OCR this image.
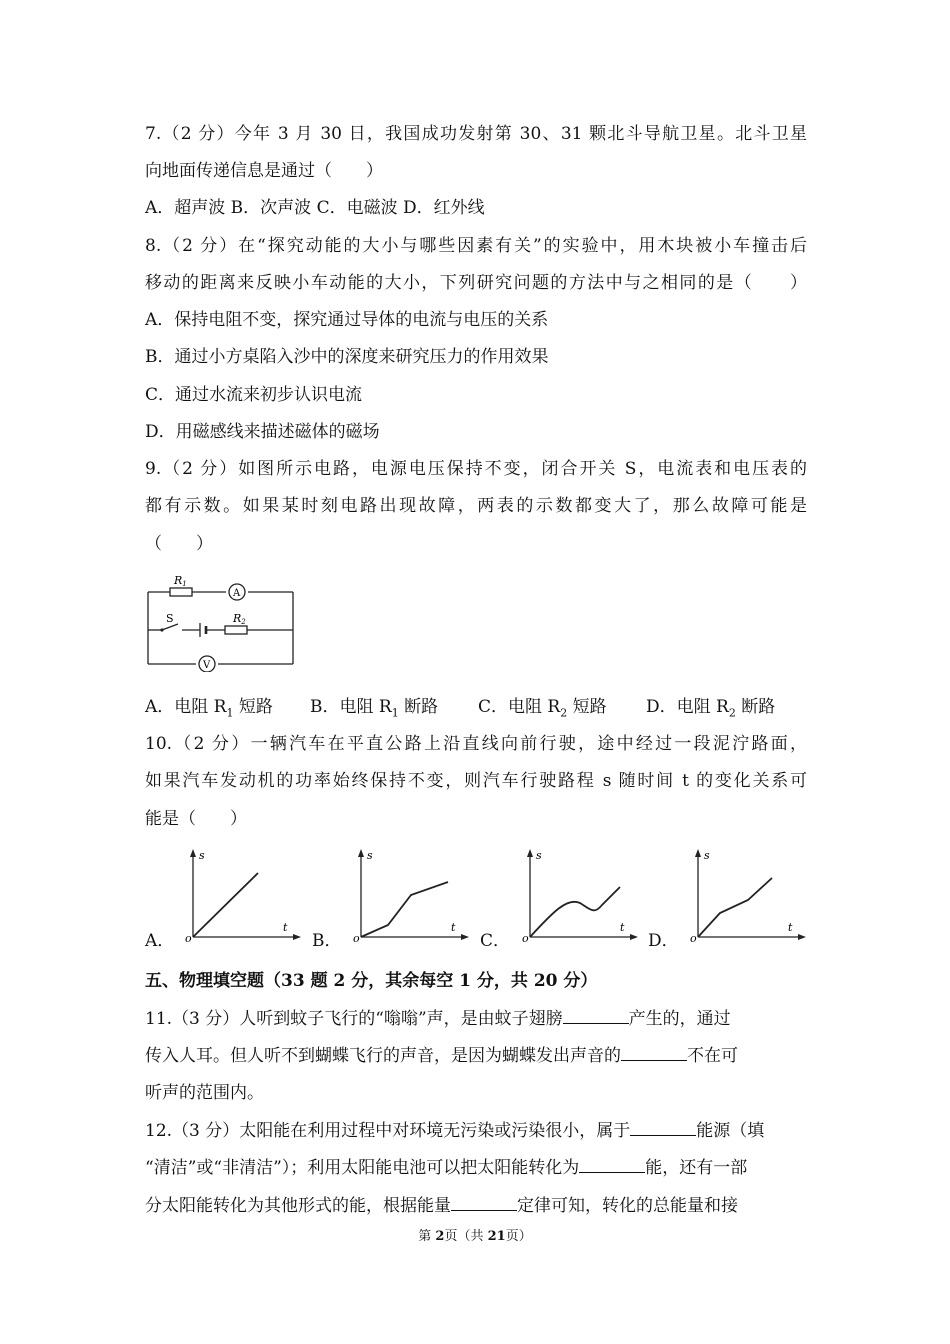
7.（2 分）今年 3 月 30 日，我国成功发射第 30、31 颗北斗导航卫星。北斗卫星
向地面传递信息是通过（　　）
A．超声波 B．次声波 C．电磁波 D．红外线
8.（2 分）在“探究动能的大小与哪些因素有关”的实验中，用木块被小车撞击后
移动的距离来反映小车动能的大小，下列研究问题的方法中与之相同的是（　　）
A．保持电阻不变，探究通过导体的电流与电压的关系
B．通过小方桌陷入沙中的深度来研究压力的作用效果
C．通过水流来初步认识电流
D．用磁感线来描述磁体的磁场
9.（2 分）如图所示电路，电源电压保持不变，闭合开关 S，电流表和电压表的
都有示数。如果某时刻电路出现故障，两表的示数都变大了，那么故障可能是
（　　）
R1
R2
S
A
V
A．电阻 $R_1$ 短路 B．电阻 $R_1$ 断路 C．电阻 $R_2$ 短路 D．电阻 $R_2$ 断路
10.（2 分）一辆汽车在平直公路上沿直线向前行驶，途中经过一段泥泞路面，
如果汽车发动机的功率始终保持不变，则汽车行驶路程 s 随时间 t 的变化关系可
能是（　　）
A．	B．	C．	D．
o
s
t
o
s
t
o
s
t
o
s
t
五、物理填空题（33 题 2 分，其余每空 1 分，共 20 分）
11.（3 分）人听到蚊子飞行的“嗡嗡”声，是由蚊子翅膀	产生的，通过
传入人耳。但人听不到蝴蝶飞行的声音，是因为蝴蝶发出声音的	不在可
听声的范围内。
12.（3 分）太阳能在利用过程中对环境无污染或污染很小，属于	能源（填
“清洁”或“非清洁”）；利用太阳能电池可以把太阳能转化为	能，还有一部
分太阳能转化为其他形式的能，根据能量	定律可知，转化的总能量和接
第 2页（共 21页）
